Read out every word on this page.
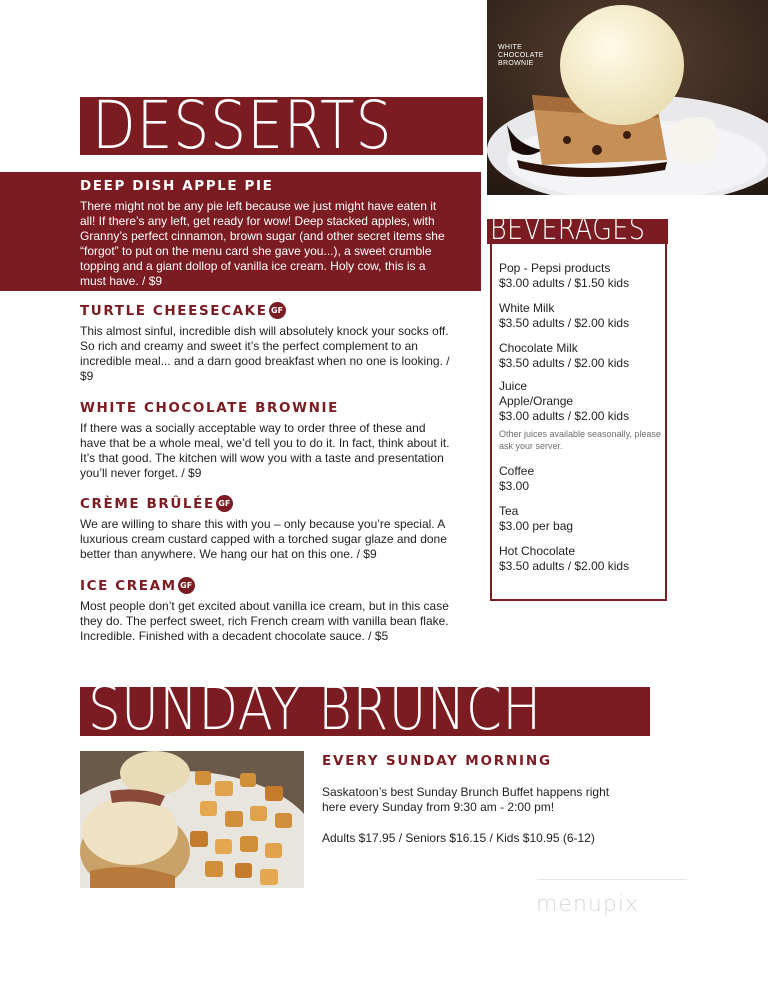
DESSERTS
WHITE
CHOCOLATE
BROWNIE
DEEP DISH APPLE PIE
There might not be any pie left because we just might have eaten it all! If there’s any left, get ready for wow! Deep stacked apples, with Granny’s perfect cinnamon, brown sugar (and other secret items she “forgot” to put on the menu card she gave you...), a sweet crumble topping and a giant dollop of vanilla ice cream. Holy cow, this is a must have. / $9
TURTLE CHEESECAKE GF
This almost sinful, incredible dish will absolutely knock your socks off. So rich and creamy and sweet it’s the perfect complement to an incredible meal... and a darn good breakfast when no one is looking. / $9
WHITE CHOCOLATE BROWNIE
If there was a socially acceptable way to order three of these and have that be a whole meal, we’d tell you to do it. In fact, think about it. It’s that good. The kitchen will wow you with a taste and presentation you’ll never forget. / $9
CRÈME BRÛLÉE GF
We are willing to share this with you – only because you’re special. A luxurious cream custard capped with a torched sugar glaze and done better than anywhere. We hang our hat on this one. / $9
ICE CREAM GF
Most people don’t get excited about vanilla ice cream, but in this case they do. The perfect sweet, rich French cream with vanilla bean flake. Incredible. Finished with a decadent chocolate sauce. / $5
BEVERAGES
Pop - Pepsi products
$3.00 adults / $1.50 kids
White Milk
$3.50 adults / $2.00 kids
Chocolate Milk
$3.50 adults / $2.00 kids
Juice
Apple/Orange
$3.00 adults / $2.00 kids
Other juices available seasonally, please ask your server.
Coffee
$3.00
Tea
$3.00 per bag
Hot Chocolate
$3.50 adults / $2.00 kids
SUNDAY BRUNCH
EVERY SUNDAY MORNING
Saskatoon’s best Sunday Brunch Buffet happens right here every Sunday from 9:30 am - 2:00 pm!
Adults $17.95 / Seniors $16.15 / Kids $10.95 (6-12)
menupix
